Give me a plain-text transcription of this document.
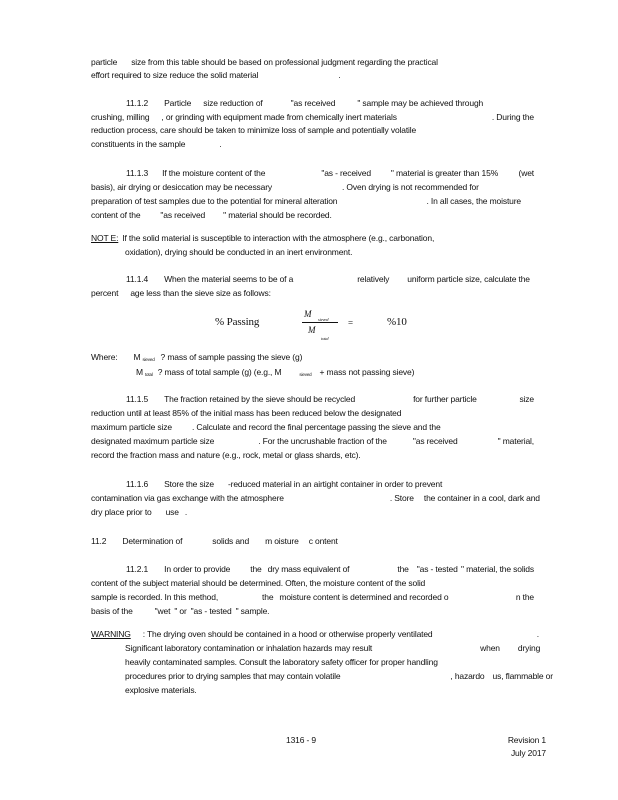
particle size from this table should be based on professional judgment regarding the practical
effort required to size reduce the solid material	.
11.1.2 Particle size reduction of	"as received	" sample may be achieved through
crushing, milling , or grinding with equipment made from chemically inert materials	. During the
reduction process, care should be taken to minimize loss of sample and potentially volatile
constituents in the sample	.
11.1.3 If the moisture content of the	"as - received " material is greater than 15% (wet
basis), air drying or desiccation may be necessary	. Oven drying is not recommended for
preparation of test samples due to the potential for mineral alteration	. In all cases, the moisture
content of the "as received " material should be recorded.
NOT E: If the solid material is susceptible to interaction with the atmosphere (e.g., carbonation,
oxidation), drying should be conducted in an inert environment.
11.1.4 When the material seems to be of a	relatively uniform particle size, calculate the
percent age less than the sieve size as follows:
% Passing
M
sieved
M
total
=	%10
Where: M $_{sieved}$ ? mass of sample passing the sieve (g)
M $_{total}$ ? mass of total sample (g) (e.g., M	$_{sieved}$ + mass not passing sieve)
11.1.5 The fraction retained by the sieve should be recycled	for further particle	size
reduction until at least 85% of the initial mass has been reduced below the designated
maximum particle size . Calculate and record the final percentage passing the sieve and the
designated maximum particle size	. For the uncrushable fraction of the	"as received	" material,
record the fraction mass and nature (e.g., rock, metal or glass shards, etc).
11.1.6 Store the size -reduced material in an airtight container in order to prevent
contamination via gas exchange with the atmosphere	. Store the container in a cool, dark and
dry place prior to use .
11.2 Determination of	solids and m oisture c ontent
11.2.1 In order to provide the dry mass equivalent of	the "as - tested " material, the solids
content of the subject material should be determined. Often, the moisture content of the solid
sample is recorded. In this method,	the moisture content is determined and recorded o	n the
basis of the	"wet " or "as - tested " sample.
WARNING : The drying oven should be contained in a hood or otherwise properly ventilated	.
Significant laboratory contamination or inhalation hazards may result	when drying
heavily contaminated samples. Consult the laboratory safety officer for proper handling
procedures prior to drying samples that may contain volatile	, hazardo us, flammable or
explosive materials.
1316 - 9	Revision 1
July 2017
